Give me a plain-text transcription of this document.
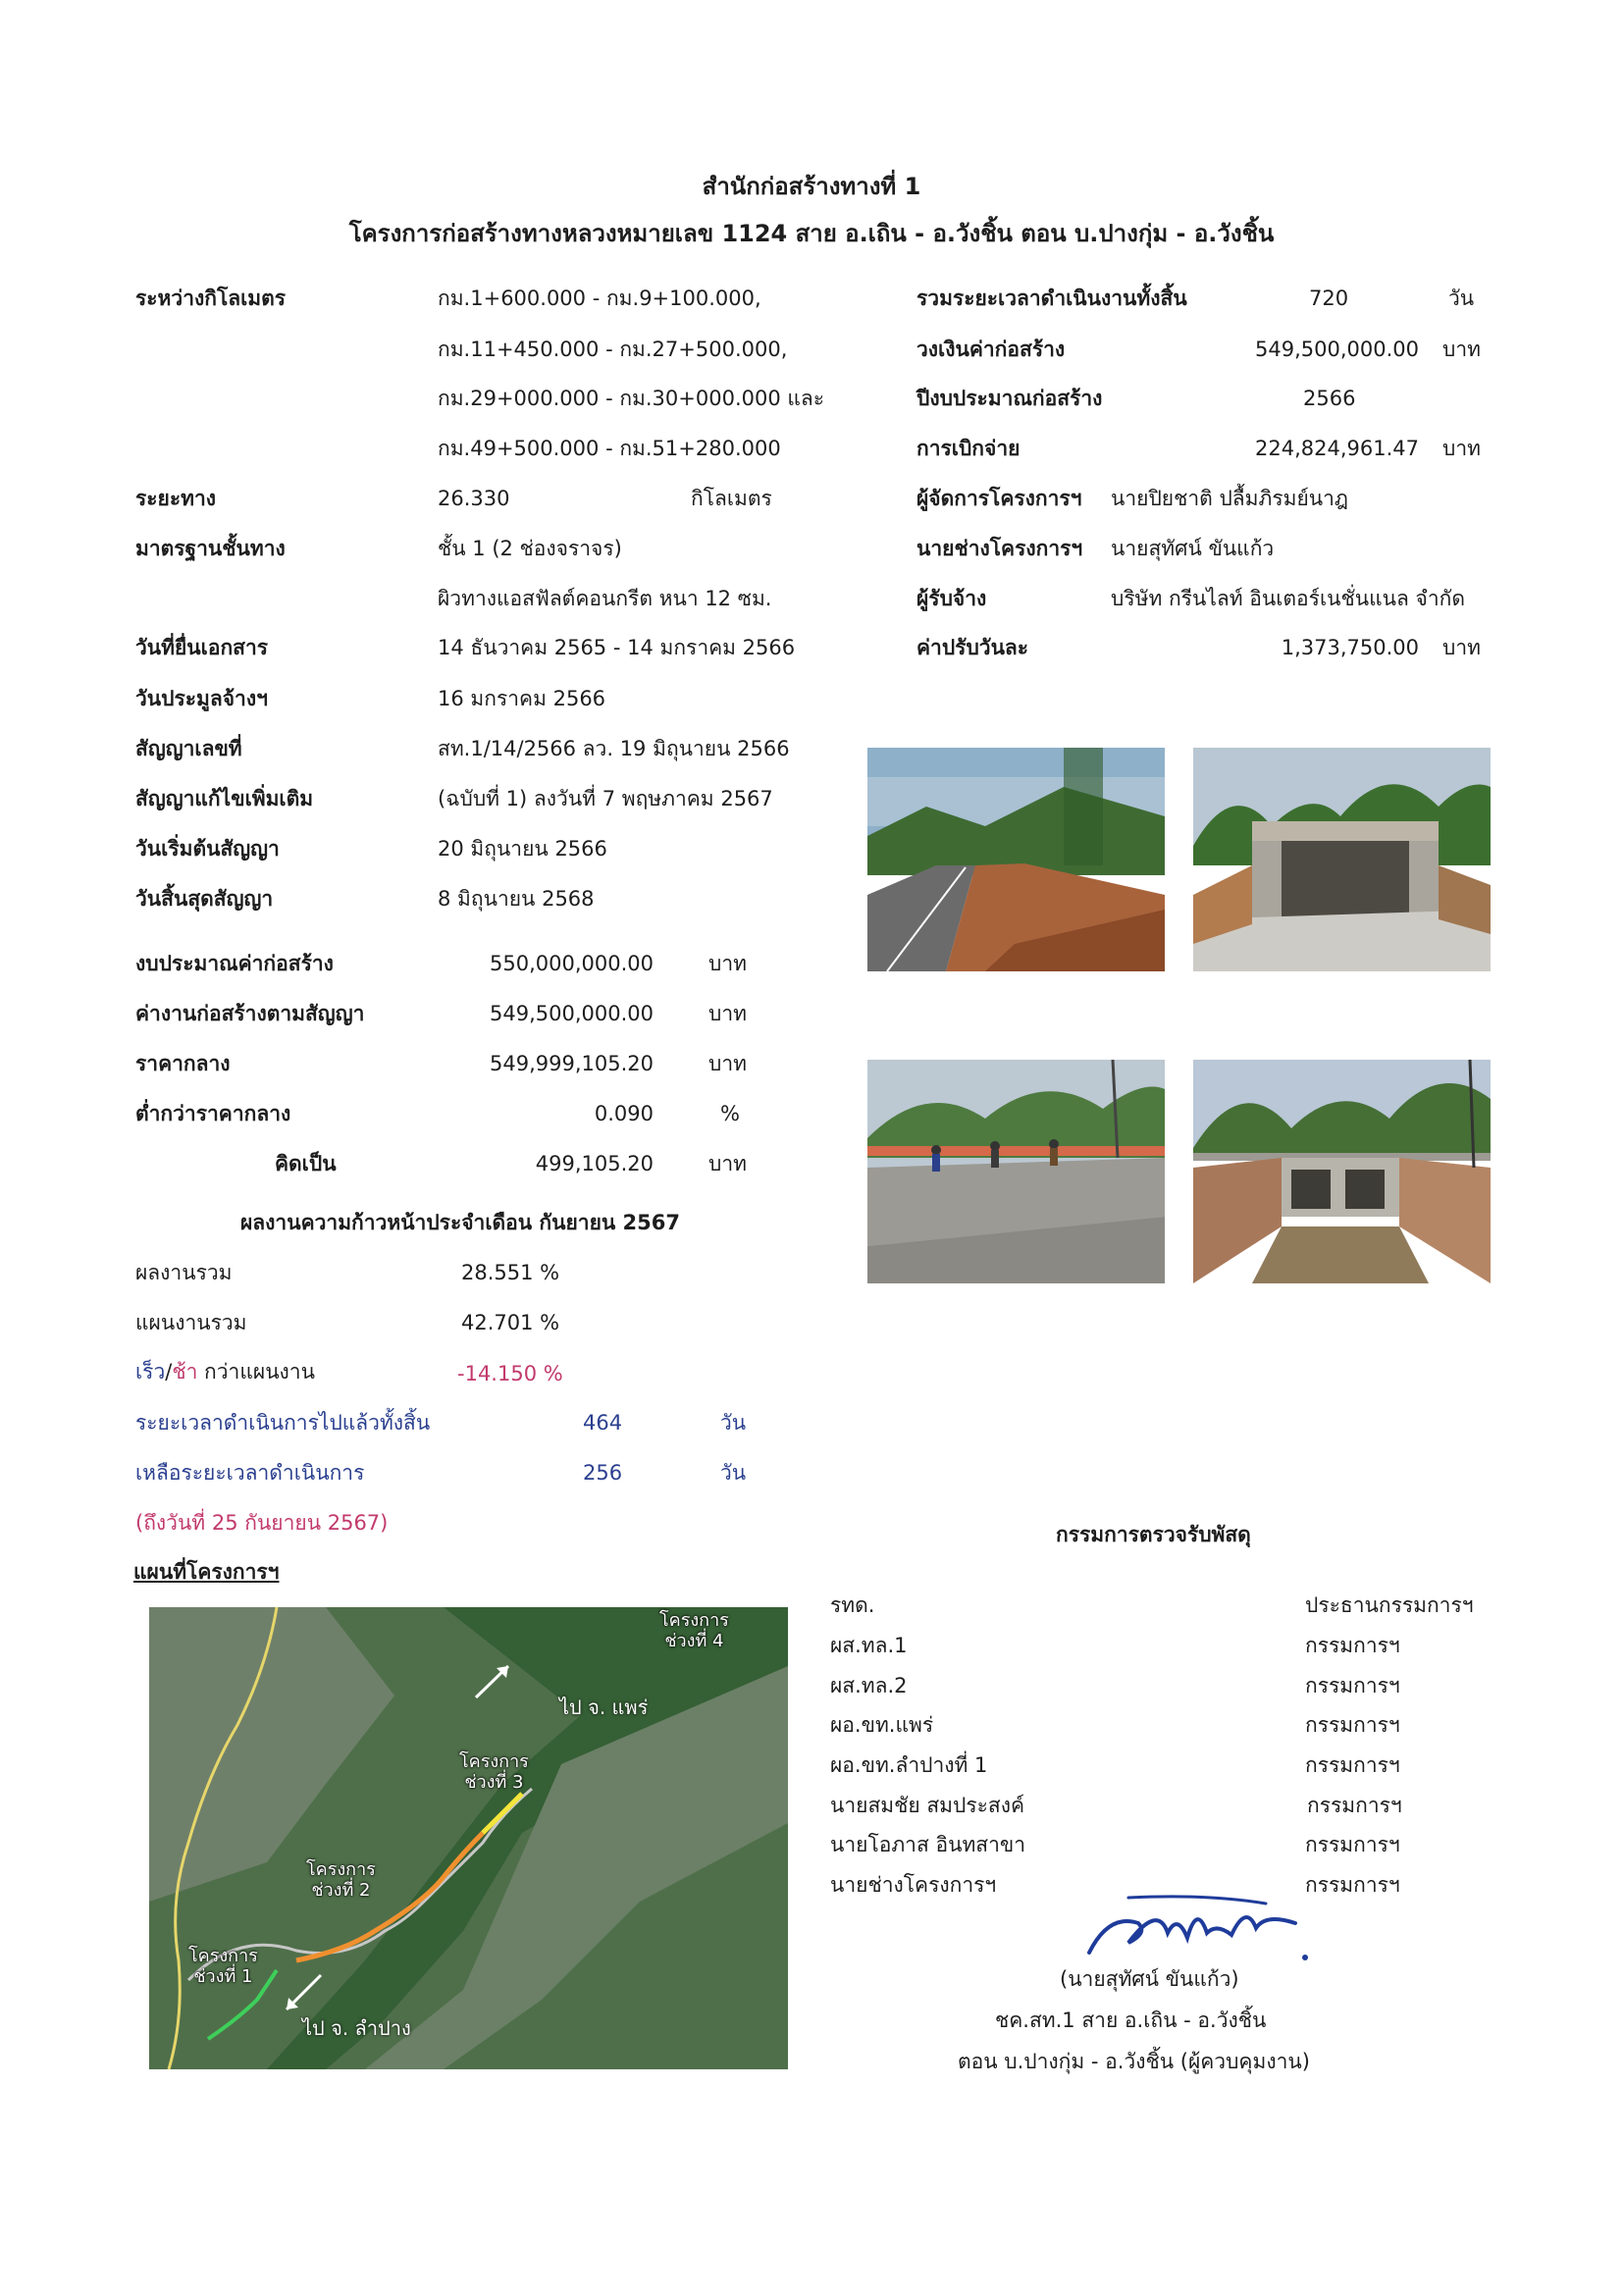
สำนักก่อสร้างทางที่ 1
โครงการก่อสร้างทางหลวงหมายเลข 1124 สาย อ.เถิน - อ.วังชิ้น ตอน บ.ปางกุ่ม - อ.วังชิ้น
ระหว่างกิโลเมตร	กม.1+600.000 - กม.9+100.000,
กม.11+450.000 - กม.27+500.000,
กม.29+000.000 - กม.30+000.000 และ
กม.49+500.000 - กม.51+280.000
ระยะทาง	26.330	กิโลเมตร
มาตรฐานชั้นทาง	ชั้น 1 (2 ช่องจราจร)
ผิวทางแอสฟัลต์คอนกรีต หนา 12 ซม.
วันที่ยื่นเอกสาร	14 ธันวาคม 2565 - 14 มกราคม 2566
วันประมูลจ้างฯ	16 มกราคม 2566
สัญญาเลขที่	สท.1/14/2566 ลว. 19 มิถุนายน 2566
สัญญาแก้ไขเพิ่มเติม	(ฉบับที่ 1) ลงวันที่ 7 พฤษภาคม 2567
วันเริ่มต้นสัญญา	20 มิถุนายน 2566
วันสิ้นสุดสัญญา	8 มิถุนายน 2568
รวมระยะเวลาดำเนินงานทั้งสิ้น	720	วัน
วงเงินค่าก่อสร้าง	549,500,000.00 บาท
ปีงบประมาณก่อสร้าง	2566
การเบิกจ่าย	224,824,961.47 บาท
ผู้จัดการโครงการฯ นายปิยชาติ ปลื้มภิรมย์นาฎ
นายช่างโครงการฯ นายสุทัศน์ ขันแก้ว
ผู้รับจ้าง	บริษัท กรีนไลท์ อินเตอร์เนชั่นแนล จำกัด
ค่าปรับวันละ	1,373,750.00 บาท
งบประมาณค่าก่อสร้าง	550,000,000.00	บาท
ค่างานก่อสร้างตามสัญญา	549,500,000.00	บาท
ราคากลาง	549,999,105.20	บาท
ต่ำกว่าราคากลาง	0.090	%
คิดเป็น	499,105.20	บาท
ผลงานความก้าวหน้าประจำเดือน กันยายน 2567
ผลงานรวม	28.551 %
แผนงานรวม	42.701 %
เร็ว/ช้า กว่าแผนงาน	-14.150 %
ระยะเวลาดำเนินการไปแล้วทั้งสิ้น	464	วัน
เหลือระยะเวลาดำเนินการ	256	วัน
(ถึงวันที่ 25 กันยายน 2567)	กรรมการตรวจรับพัสดุ
รทด.	ประธานกรรมการฯ
ผส.ทล.1	กรรมการฯ
ผส.ทล.2	กรรมการฯ
ผอ.ขท.แพร่	กรรมการฯ
ผอ.ขท.ลำปางที่ 1	กรรมการฯ
นายสมชัย สมประสงค์	กรรมการฯ
นายโอภาส อินทสาขา	กรรมการฯ
นายช่างโครงการฯ	กรรมการฯ
(นายสุทัศน์ ขันแก้ว)
ชค.สท.1 สาย อ.เถิน - อ.วังชิ้น
ตอน บ.ปางกุ่ม - อ.วังชิ้น (ผู้ควบคุมงาน)
แผนที่โครงการฯ
โครงการ
ช่วงที่ 4
โครงการ
ช่วงที่ 3
โครงการ
ช่วงที่ 2
โครงการ
ช่วงที่ 1
ไป จ. แพร่
ไป จ. ลำปาง
